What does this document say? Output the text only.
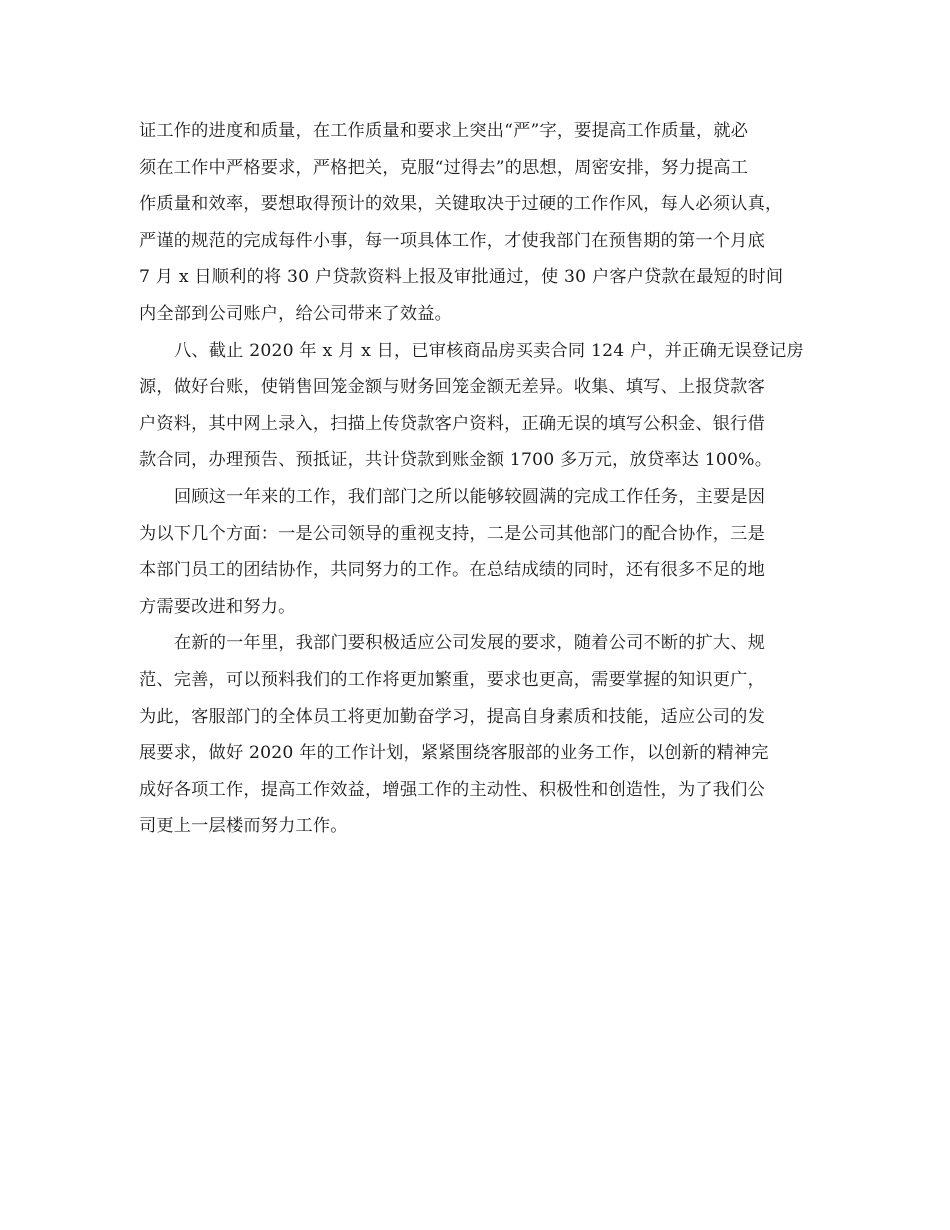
证工作的进度和质量，在工作质量和要求上突出“严”字，要提高工作质量，就必
须在工作中严格要求，严格把关，克服“过得去”的思想，周密安排，努力提高工
作质量和效率，要想取得预计的效果，关键取决于过硬的工作作风，每人必须认真，
严谨的规范的完成每件小事，每一项具体工作，才使我部门在预售期的第一个月底
7 月 x 日顺利的将 30 户贷款资料上报及审批通过，使 30 户客户贷款在最短的时间
内全部到公司账户，给公司带来了效益。
八、截止 2020 年 x 月 x 日，已审核商品房买卖合同 124 户，并正确无误登记房
源，做好台账，使销售回笼金额与财务回笼金额无差异。收集、填写、上报贷款客
户资料，其中网上录入，扫描上传贷款客户资料，正确无误的填写公积金、银行借
款合同，办理预告、预抵证，共计贷款到账金额 1700 多万元，放贷率达 100%。
回顾这一年来的工作，我们部门之所以能够较圆满的完成工作任务，主要是因
为以下几个方面：一是公司领导的重视支持，二是公司其他部门的配合协作，三是
本部门员工的团结协作，共同努力的工作。在总结成绩的同时，还有很多不足的地
方需要改进和努力。
在新的一年里，我部门要积极适应公司发展的要求，随着公司不断的扩大、规
范、完善，可以预料我们的工作将更加繁重，要求也更高，需要掌握的知识更广，
为此，客服部门的全体员工将更加勤奋学习，提高自身素质和技能，适应公司的发
展要求，做好 2020 年的工作计划，紧紧围绕客服部的业务工作，以创新的精神完
成好各项工作，提高工作效益，增强工作的主动性、积极性和创造性，为了我们公
司更上一层楼而努力工作。
